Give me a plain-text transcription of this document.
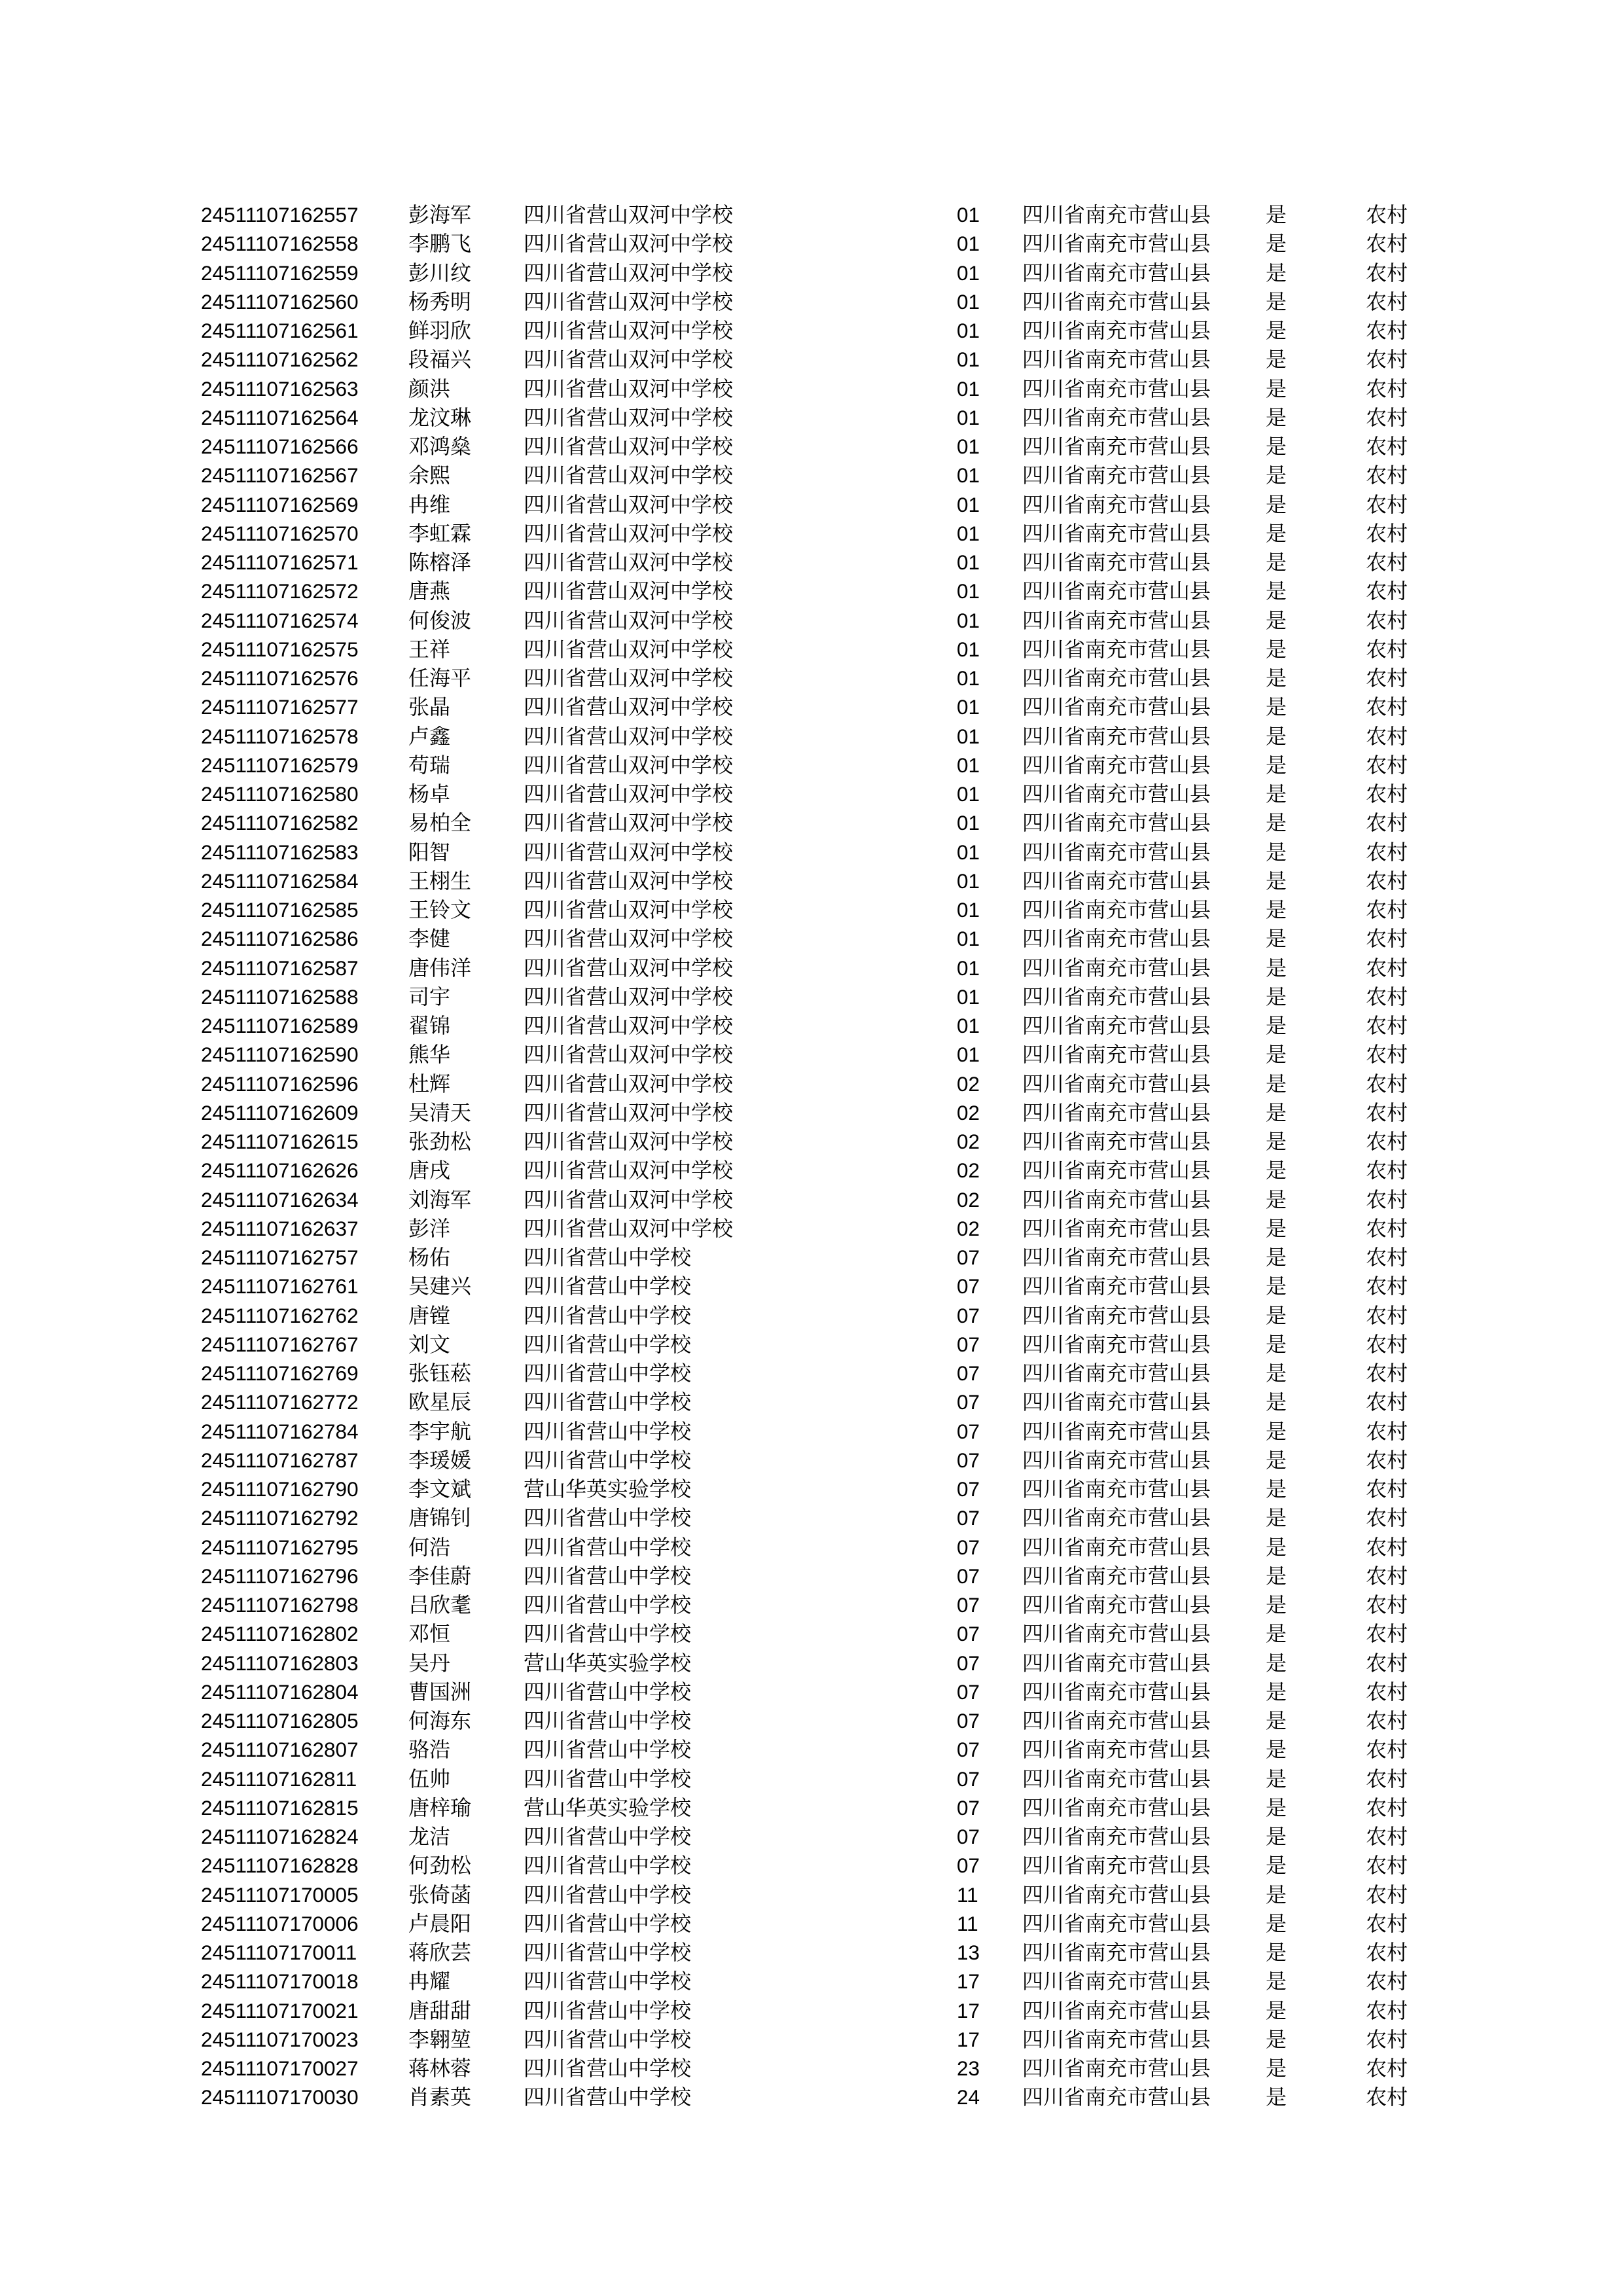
24511107162557 彭海军 四川省营山双河中学校	01 四川省南充市营山县	是	农村
24511107162558 李鹏飞 四川省营山双河中学校	01 四川省南充市营山县	是	农村
24511107162559 彭川纹 四川省营山双河中学校	01 四川省南充市营山县	是	农村
24511107162560 杨秀明 四川省营山双河中学校	01 四川省南充市营山县	是	农村
24511107162561 鲜羽欣 四川省营山双河中学校	01 四川省南充市营山县	是	农村
24511107162562 段福兴 四川省营山双河中学校	01 四川省南充市营山县	是	农村
24511107162563 颜洪	四川省营山双河中学校	01 四川省南充市营山县	是	农村
24511107162564 龙汶琳 四川省营山双河中学校	01 四川省南充市营山县	是	农村
24511107162566 邓鸿燊 四川省营山双河中学校	01 四川省南充市营山县	是	农村
24511107162567 余熙	四川省营山双河中学校	01 四川省南充市营山县	是	农村
24511107162569 冉维	四川省营山双河中学校	01 四川省南充市营山县	是	农村
24511107162570 李虹霖 四川省营山双河中学校	01 四川省南充市营山县	是	农村
24511107162571 陈榕泽 四川省营山双河中学校	01 四川省南充市营山县	是	农村
24511107162572 唐燕	四川省营山双河中学校	01 四川省南充市营山县	是	农村
24511107162574 何俊波 四川省营山双河中学校	01 四川省南充市营山县	是	农村
24511107162575 王祥	四川省营山双河中学校	01 四川省南充市营山县	是	农村
24511107162576 任海平 四川省营山双河中学校	01 四川省南充市营山县	是	农村
24511107162577 张晶	四川省营山双河中学校	01 四川省南充市营山县	是	农村
24511107162578 卢鑫	四川省营山双河中学校	01 四川省南充市营山县	是	农村
24511107162579 苟瑞	四川省营山双河中学校	01 四川省南充市营山县	是	农村
24511107162580 杨卓	四川省营山双河中学校	01 四川省南充市营山县	是	农村
24511107162582 易柏全 四川省营山双河中学校	01 四川省南充市营山县	是	农村
24511107162583 阳智	四川省营山双河中学校	01 四川省南充市营山县	是	农村
24511107162584 王栩生 四川省营山双河中学校	01 四川省南充市营山县	是	农村
24511107162585 王铃文 四川省营山双河中学校	01 四川省南充市营山县	是	农村
24511107162586 李健	四川省营山双河中学校	01 四川省南充市营山县	是	农村
24511107162587 唐伟洋 四川省营山双河中学校	01 四川省南充市营山县	是	农村
24511107162588 司宇	四川省营山双河中学校	01 四川省南充市营山县	是	农村
24511107162589 翟锦	四川省营山双河中学校	01 四川省南充市营山县	是	农村
24511107162590 熊华	四川省营山双河中学校	01 四川省南充市营山县	是	农村
24511107162596 杜辉	四川省营山双河中学校	02 四川省南充市营山县	是	农村
24511107162609 吴清天 四川省营山双河中学校	02 四川省南充市营山县	是	农村
24511107162615 张劲松 四川省营山双河中学校	02 四川省南充市营山县	是	农村
24511107162626 唐戌	四川省营山双河中学校	02 四川省南充市营山县	是	农村
24511107162634 刘海军 四川省营山双河中学校	02 四川省南充市营山县	是	农村
24511107162637 彭洋	四川省营山双河中学校	02 四川省南充市营山县	是	农村
24511107162757 杨佑	四川省营山中学校	07 四川省南充市营山县	是	农村
24511107162761 吴建兴 四川省营山中学校	07 四川省南充市营山县	是	农村
24511107162762 唐镗	四川省营山中学校	07 四川省南充市营山县	是	农村
24511107162767 刘文	四川省营山中学校	07 四川省南充市营山县	是	农村
24511107162769 张钰菘 四川省营山中学校	07 四川省南充市营山县	是	农村
24511107162772 欧星辰 四川省营山中学校	07 四川省南充市营山县	是	农村
24511107162784 李宇航 四川省营山中学校	07 四川省南充市营山县	是	农村
24511107162787 李瑗媛 四川省营山中学校	07 四川省南充市营山县	是	农村
24511107162790 李文斌 营山华英实验学校	07 四川省南充市营山县	是	农村
24511107162792 唐锦钊 四川省营山中学校	07 四川省南充市营山县	是	农村
24511107162795 何浩	四川省营山中学校	07 四川省南充市营山县	是	农村
24511107162796 李佳蔚 四川省营山中学校	07 四川省南充市营山县	是	农村
24511107162798 吕欣耄 四川省营山中学校	07 四川省南充市营山县	是	农村
24511107162802 邓恒	四川省营山中学校	07 四川省南充市营山县	是	农村
24511107162803 吴丹	营山华英实验学校	07 四川省南充市营山县	是	农村
24511107162804 曹国洲 四川省营山中学校	07 四川省南充市营山县	是	农村
24511107162805 何海东 四川省营山中学校	07 四川省南充市营山县	是	农村
24511107162807 骆浩	四川省营山中学校	07 四川省南充市营山县	是	农村
24511107162811 伍帅	四川省营山中学校	07 四川省南充市营山县	是	农村
24511107162815 唐梓瑜 营山华英实验学校	07 四川省南充市营山县	是	农村
24511107162824 龙洁	四川省营山中学校	07 四川省南充市营山县	是	农村
24511107162828 何劲松 四川省营山中学校	07 四川省南充市营山县	是	农村
24511107170005 张倚菡 四川省营山中学校	11 四川省南充市营山县	是	农村
24511107170006 卢晨阳 四川省营山中学校	11 四川省南充市营山县	是	农村
24511107170011 蒋欣芸 四川省营山中学校	13 四川省南充市营山县	是	农村
24511107170018 冉耀	四川省营山中学校	17 四川省南充市营山县	是	农村
24511107170021 唐甜甜 四川省营山中学校	17 四川省南充市营山县	是	农村
24511107170023 李翱堃 四川省营山中学校	17 四川省南充市营山县	是	农村
24511107170027 蒋林蓉 四川省营山中学校	23 四川省南充市营山县	是	农村
24511107170030 肖素英 四川省营山中学校	24 四川省南充市营山县	是	农村
